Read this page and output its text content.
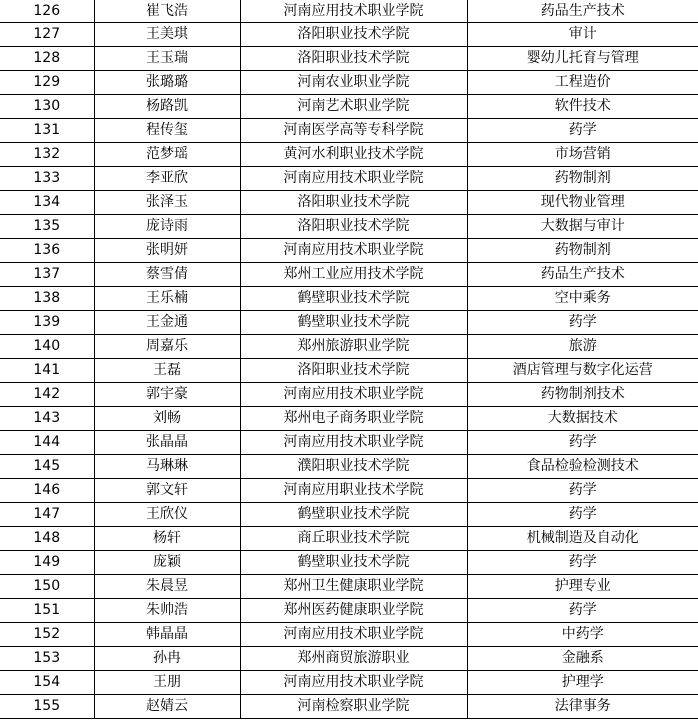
126	崔飞浩	河南应用技术职业学院	药品生产技术
127	王美琪	洛阳职业技术学院	审计
128	王玉瑞	洛阳职业技术学院	婴幼儿托育与管理
129	张璐璐	河南农业职业学院	工程造价
130	杨路凯	河南艺术职业学院	软件技术
131	程传玺	河南医学高等专科学院	药学
132	范梦瑶	黄河水利职业技术学院	市场营销
133	李亚欣	河南应用技术职业学院	药物制剂
134	张泽玉	洛阳职业技术学院	现代物业管理
135	庞诗雨	洛阳职业技术学院	大数据与审计
136	张明妍	河南应用技术职业学院	药物制剂
137	蔡雪倩	郑州工业应用技术学院	药品生产技术
138	王乐楠	鹤壁职业技术学院	空中乘务
139	王金通	鹤壁职业技术学院	药学
140	周嘉乐	郑州旅游职业学院	旅游
141	王磊	洛阳职业技术学院	酒店管理与数字化运营
142	郭宇豪	河南应用技术职业学院	药物制剂技术
143	刘畅	郑州电子商务职业学院	大数据技术
144	张晶晶	河南应用技术职业学院	药学
145	马琳琳	濮阳职业技术学院	食品检验检测技术
146	郭文轩	河南应用职业技术学院	药学
147	王欣仪	鹤壁职业技术学院	药学
148	杨轩	商丘职业技术学院	机械制造及自动化
149	庞颖	鹤壁职业技术学院	药学
150	朱晨昱	郑州卫生健康职业学院	护理专业
151	朱帅浩	郑州医药健康职业学院	药学
152	韩晶晶	河南应用技术职业学院	中药学
153	孙冉	郑州商贸旅游职业	金融系
154	王朋	河南应用技术职业学院	护理学
155	赵婧云	河南检察职业学院	法律事务
